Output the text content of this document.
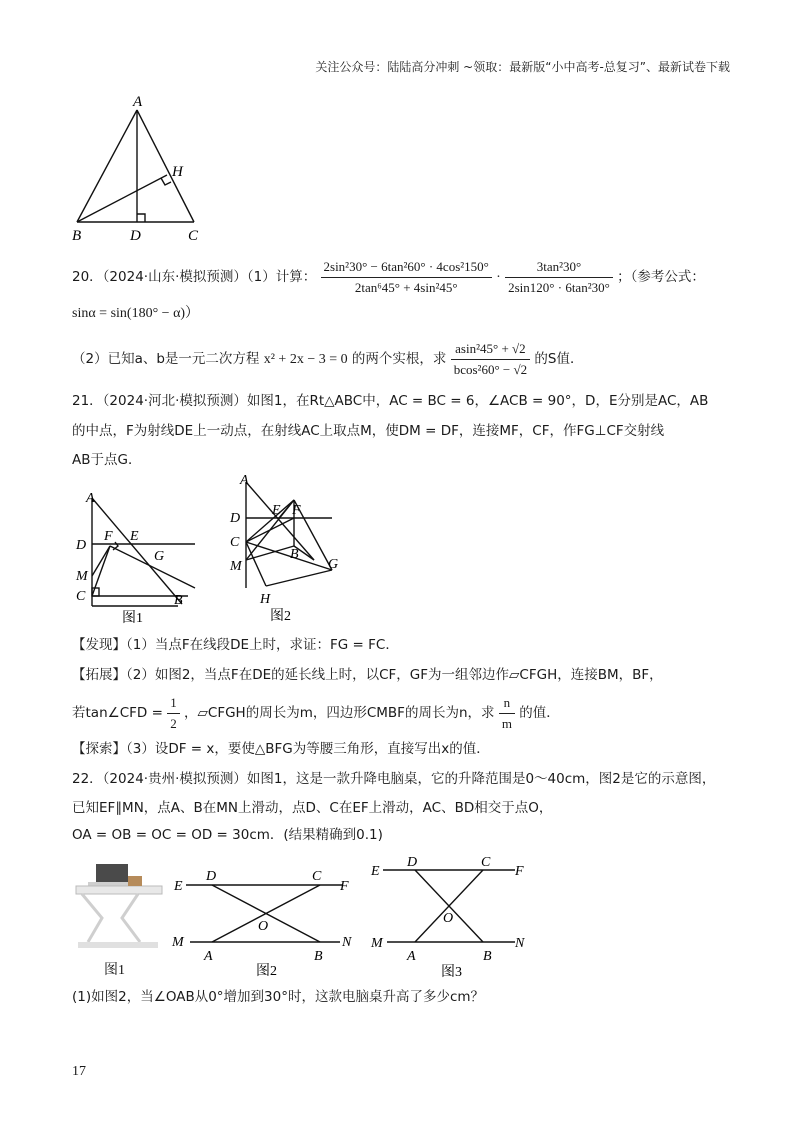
关注公众号：陆陆高分冲刺 ~领取：最新版“小中高考-总复习”、最新试卷下载
A
H
B	D	C
20．（2024·山东·模拟预测）（1）计算： $\frac{\text{2sin²30° − 6tan²60° · 4cos²150°}}{\text{2tan⁶45° + 4sin²45°}} \cdot \frac{\text{3tan²30°}}{\text{2sin120° · 6tan²30°}}$ ；（参考公式：
sinα = sin(180° − α)）
（2）已知a、b是一元二次方程 x² + 2x − 3 = 0 的两个实根，求 $\frac{\text{asin²45° + √2}}{\text{bcos²60° − √2}}$ 的S值．
21．（2024·河北·模拟预测）如图1，在Rt△ABC中，AC = BC = 6，∠ACB = 90°，D，E分别是AC，AB
的中点，F为射线DE上一动点，在射线AC上取点M，使DM = DF，连接MF，CF，作FG⊥CF交射线
AB于点G．
A
D
F E
G
M
C	B
图1
A
D
E F
C
B
M	G
H
图2
【发现】（1）当点F在线段DE上时，求证：FG = FC．
【拓展】（2）如图2，当点F在DE的延长线上时，以CF，GF为一组邻边作▱CFGH，连接BM，BF，
若tan∠CFD = $\frac{1}{2}$ ，▱CFGH的周长为m，四边形CMBF的周长为n，求 $\frac{n}{m}$ 的值．
【探索】（3）设DF = x，要使△BFG为等腰三角形，直接写出x的值．
22．（2024·贵州·模拟预测）如图1，这是一款升降电脑桌，它的升降范围是0～40cm，图2是它的示意图，
已知EF∥MN，点A、B在MN上滑动，点D、C在EF上滑动，AC、BD相交于点O，
OA = OB = OC = OD = 30cm．(结果精确到0.1)
图1
E
D	C
F
O
M
A	B
N
图2
E
D	C
F
O
M
A	B
N
图3
(1)如图2，当∠OAB从0°增加到30°时，这款电脑桌升高了多少cm？
17
